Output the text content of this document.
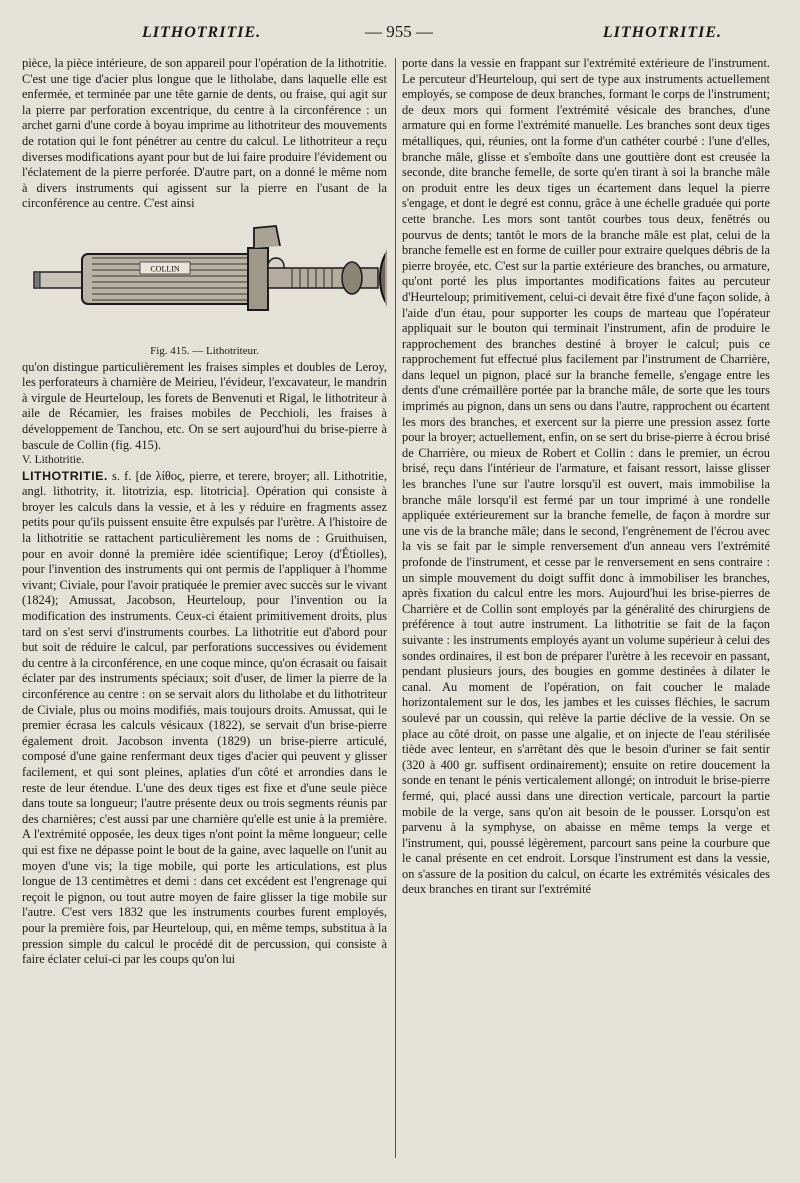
LITHOTRITIE.	— 955 —	LITHOTRITIE.

pièce, la pièce intérieure, de son appareil pour l'opération de la lithotritie. C'est une tige d'acier plus longue que le litholabe, dans laquelle elle est enfermée, et terminée par une tête garnie de dents, ou fraise, qui agit sur la pierre par perforation excentrique, du centre à la circonférence : un archet garni d'une corde à boyau imprime au lithotriteur des mouvements de rotation qui le font pénétrer au centre du calcul. Le lithotriteur a reçu diverses modifications ayant pour but de lui faire produire l'évidement ou l'éclatement de la pierre perforée. D'autre part, on a donné le même nom à divers instruments qui agissent sur la pierre en l'usant de la circonférence au centre. C'est ainsi

COLLIN

Fig. 415. — Lithotriteur.

qu'on distingue particulièrement les fraises simples et doubles de Leroy, les perforateurs à charnière de Meirieu, l'évideur, l'excavateur, le mandrin à virgule de Heurteloup, les forets de Benvenuti et Rigal, le lithotriteur à aile de Récamier, les fraises mobiles de Pecchioli, les fraises à développement de Tanchou, etc. On se sert aujourd'hui du brise-pierre à bascule de Collin (fig. 415).

V. Lithotritie.

LITHOTRITIE. s. f. [de λίθος, pierre, et terere, broyer; all. Lithotritie, angl. lithotrity, it. litotrizia, esp. litotricia]. Opération qui consiste à broyer les calculs dans la vessie, et à les y réduire en fragments assez petits pour qu'ils puissent ensuite être expulsés par l'urètre. A l'histoire de la lithotritie se rattachent particulièrement les noms de : Gruithuisen, pour en avoir donné la première idée scientifique; Leroy (d'Étiolles), pour l'invention des instruments qui ont permis de l'appliquer à l'homme vivant; Civiale, pour l'avoir pratiquée le premier avec succès sur le vivant (1824); Amussat, Jacobson, Heurteloup, pour l'invention ou la modification des instruments. Ceux-ci étaient primitivement droits, plus tard on s'est servi d'instruments courbes. La lithotritie eut d'abord pour but soit de réduire le calcul, par perforations successives ou évidement du centre à la circonférence, en une coque mince, qu'on écrasait ou faisait éclater par des instruments spéciaux; soit d'user, de limer la pierre de la circonférence au centre : on se servait alors du litholabe et du lithotriteur de Civiale, plus ou moins modifiés, mais toujours droits. Amussat, qui le premier écrasa les calculs vésicaux (1822), se servait d'un brise-pierre également droit. Jacobson inventa (1829) un brise-pierre articulé, composé d'une gaine renfermant deux tiges d'acier qui peuvent y glisser facilement, et qui sont pleines, aplaties d'un côté et arrondies dans le reste de leur étendue. L'une des deux tiges est fixe et d'une seule pièce dans toute sa longueur; l'autre présente deux ou trois segments réunis par des charnières; c'est aussi par une charnière qu'elle est unie à la première. A l'extrémité opposée, les deux tiges n'ont point la même longueur; celle qui est fixe ne dépasse point le bout de la gaine, avec laquelle on l'unit au moyen d'une vis; la tige mobile, qui porte les articulations, est plus longue de 13 centimètres et demi : dans cet excédent est l'engrenage qui reçoit le pignon, ou tout autre moyen de faire glisser la tige mobile sur l'autre. C'est vers 1832 que les instruments courbes furent employés, pour la première fois, par Heurteloup, qui, en même temps, substitua à la pression simple du calcul le procédé dit de percussion, qui consiste à faire éclater celui-ci par les coups qu'on lui

porte dans la vessie en frappant sur l'extrémité extérieure de l'instrument. Le percuteur d'Heurteloup, qui sert de type aux instruments actuellement employés, se compose de deux branches, formant le corps de l'instrument; de deux mors qui forment l'extrémité vésicale des branches, d'une armature qui en forme l'extrémité manuelle. Les branches sont deux tiges métalliques, qui, réunies, ont la forme d'un cathéter courbé : l'une d'elles, branche mâle, glisse et s'emboîte dans une gouttière dont est creusée la seconde, dite branche femelle, de sorte qu'en tirant à soi la branche mâle on produit entre les deux tiges un écartement dans lequel la pierre s'engage, et dont le degré est connu, grâce à une échelle graduée qui porte cette branche. Les mors sont tantôt courbes tous deux, fenêtrés ou pourvus de dents; tantôt le mors de la branche mâle est plat, celui de la branche femelle est en forme de cuiller pour extraire quelques débris de la pierre broyée, etc. C'est sur la partie extérieure des branches, ou armature, qu'ont porté les plus importantes modifications faites au percuteur d'Heurteloup; primitivement, celui-ci devait être fixé d'une façon solide, à l'aide d'un étau, pour supporter les coups de marteau que l'opérateur appliquait sur le bouton qui terminait l'instrument, afin de produire le rapprochement des branches destiné à broyer le calcul; puis ce rapprochement fut effectué plus facilement par l'instrument de Charrière, dans lequel un pignon, placé sur la branche femelle, s'engage entre les dents d'une crémaillère portée par la branche mâle, de sorte que les tours imprimés au pignon, dans un sens ou dans l'autre, rapprochent ou écartent les mors des branches, et exercent sur la pierre une pression assez forte pour la broyer; actuellement, enfin, on se sert du brise-pierre à écrou brisé de Charrière, ou mieux de Robert et Collin : dans le premier, un écrou brisé, reçu dans l'intérieur de l'armature, et faisant ressort, laisse glisser les branches l'une sur l'autre lorsqu'il est ouvert, mais immobilise la branche mâle lorsqu'il est fermé par un tour imprimé à une rondelle appliquée extérieurement sur la branche femelle, de façon à mordre sur une vis de la branche mâle; dans le second, l'engrènement de l'écrou avec la vis se fait par le simple renversement d'un anneau vers l'extrémité profonde de l'instrument, et cesse par le renversement en sens contraire : un simple mouvement du doigt suffit donc à immobiliser les branches, après fixation du calcul entre les mors. Aujourd'hui les brise-pierres de Charrière et de Collin sont employés par la généralité des chirurgiens de préférence à tout autre instrument. La lithotritie se fait de la façon suivante : les instruments employés ayant un volume supérieur à celui des sondes ordinaires, il est bon de préparer l'urètre à les recevoir en passant, pendant plusieurs jours, des bougies en gomme destinées à dilater le canal. Au moment de l'opération, on fait coucher le malade horizontalement sur le dos, les jambes et les cuisses fléchies, le sacrum soulevé par un coussin, qui relève la partie déclive de la vessie. On se place au côté droit, on passe une algalie, et on injecte de l'eau stérilisée tiède avec lenteur, en s'arrêtant dès que le besoin d'uriner se fait sentir (320 à 400 gr. suffisent ordinairement); ensuite on retire doucement la sonde en tenant le pénis verticalement allongé; on introduit le brise-pierre fermé, qui, placé aussi dans une direction verticale, parcourt la partie mobile de la verge, sans qu'on ait besoin de le pousser. Lorsqu'on est parvenu à la symphyse, on abaisse en même temps la verge et l'instrument, qui, poussé légèrement, parcourt sans peine la courbure que le canal présente en cet endroit. Lorsque l'instrument est dans la vessie, on s'assure de la position du calcul, on écarte les extrémités vésicales des deux branches en tirant sur l'extrémité
